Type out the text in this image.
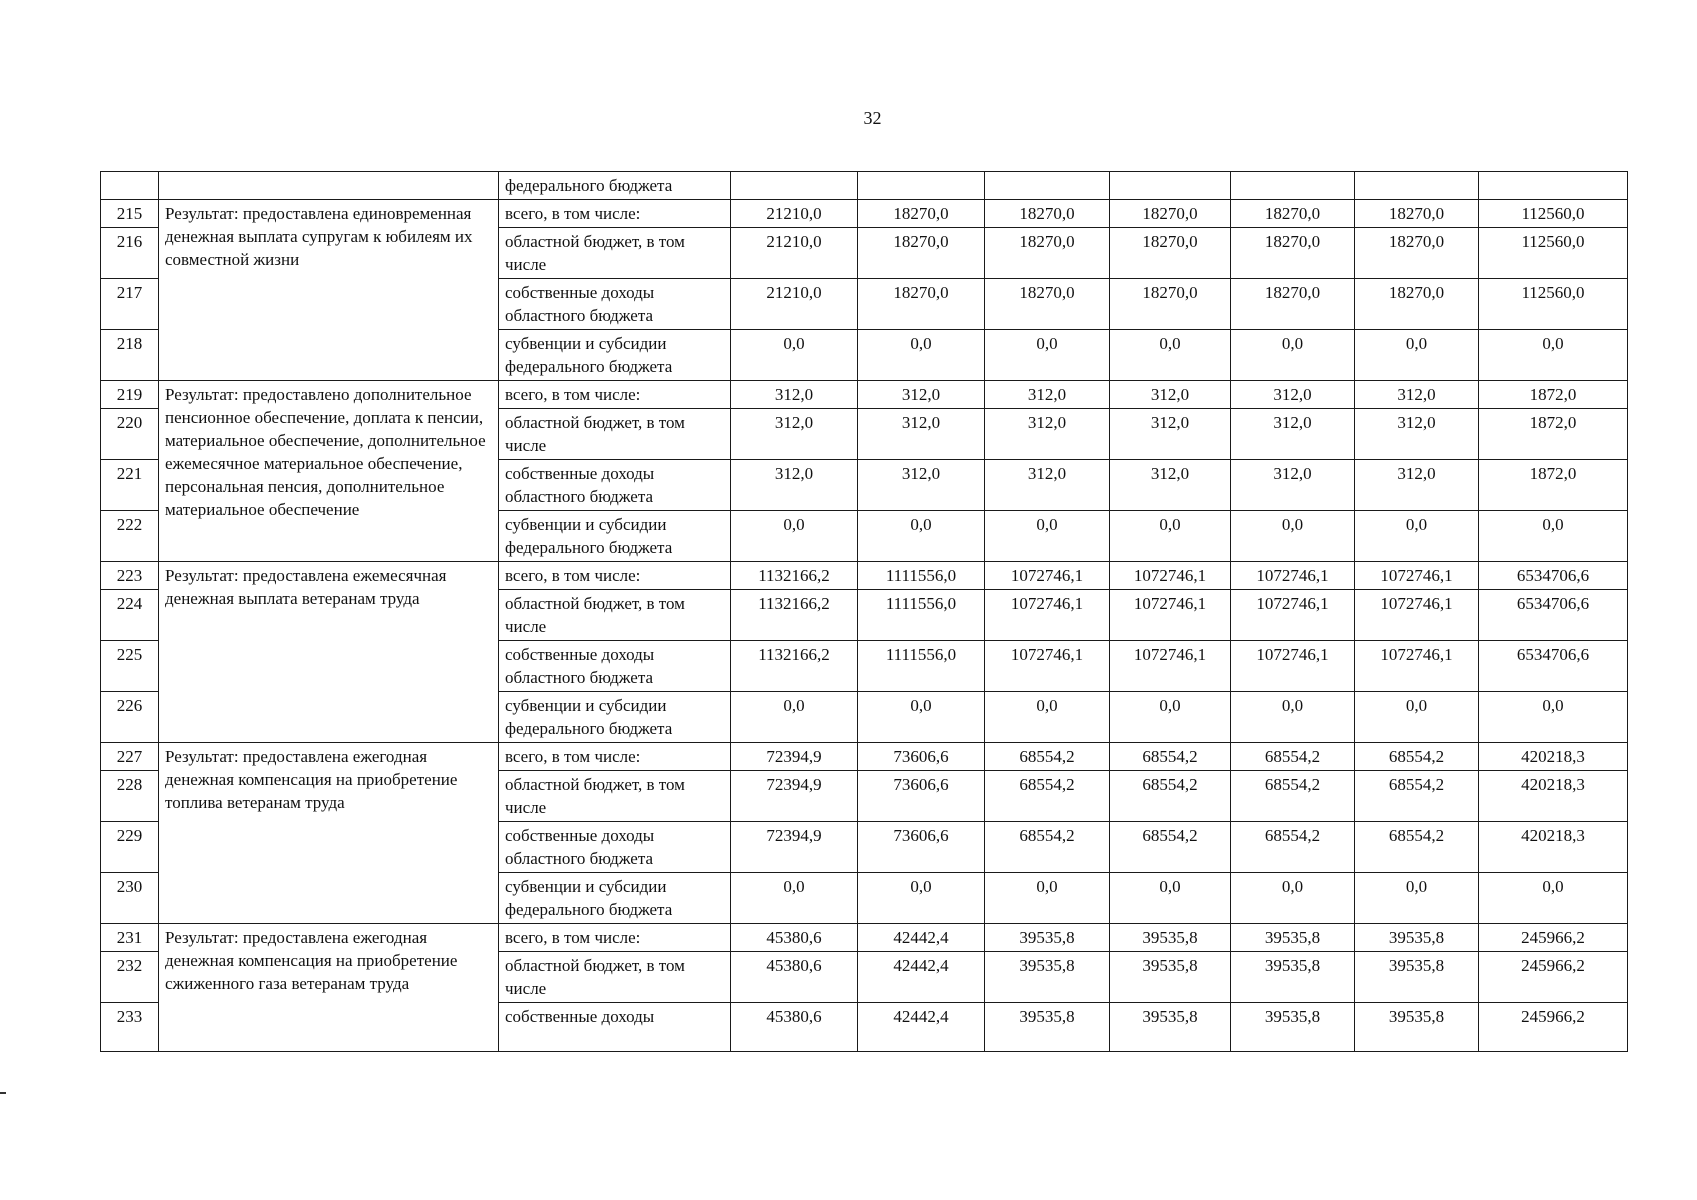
32
		федерального бюджета							
215	Результат: предоставлена единовременная денежная выплата супругам к юбилеям их совместной жизни	всего, в том числе:	21210,0	18270,0	18270,0	18270,0	18270,0	18270,0	112560,0
216		областной бюджет, в том числе	21210,0	18270,0	18270,0	18270,0	18270,0	18270,0	112560,0
217		собственные доходы областного бюджета	21210,0	18270,0	18270,0	18270,0	18270,0	18270,0	112560,0
218		субвенции и субсидии федерального бюджета	0,0	0,0	0,0	0,0	0,0	0,0	0,0
219	Результат: предоставлено дополнительное пенсионное обеспечение, доплата к пенсии, материальное обеспечение, дополнительное ежемесячное материальное обеспечение, персональная пенсия, дополнительное материальное обеспечение	всего, в том числе:	312,0	312,0	312,0	312,0	312,0	312,0	1872,0
220		областной бюджет, в том числе	312,0	312,0	312,0	312,0	312,0	312,0	1872,0
221		собственные доходы областного бюджета	312,0	312,0	312,0	312,0	312,0	312,0	1872,0
222		субвенции и субсидии федерального бюджета	0,0	0,0	0,0	0,0	0,0	0,0	0,0
223	Результат: предоставлена ежемесячная денежная выплата ветеранам труда	всего, в том числе:	1132166,2	1111556,0	1072746,1	1072746,1	1072746,1	1072746,1	6534706,6
224		областной бюджет, в том числе	1132166,2	1111556,0	1072746,1	1072746,1	1072746,1	1072746,1	6534706,6
225		собственные доходы областного бюджета	1132166,2	1111556,0	1072746,1	1072746,1	1072746,1	1072746,1	6534706,6
226		субвенции и субсидии федерального бюджета	0,0	0,0	0,0	0,0	0,0	0,0	0,0
227	Результат: предоставлена ежегодная денежная компенсация на приобретение топлива ветеранам труда	всего, в том числе:	72394,9	73606,6	68554,2	68554,2	68554,2	68554,2	420218,3
228		областной бюджет, в том числе	72394,9	73606,6	68554,2	68554,2	68554,2	68554,2	420218,3
229		собственные доходы областного бюджета	72394,9	73606,6	68554,2	68554,2	68554,2	68554,2	420218,3
230		субвенции и субсидии федерального бюджета	0,0	0,0	0,0	0,0	0,0	0,0	0,0
231	Результат: предоставлена ежегодная денежная компенсация на приобретение сжиженного газа ветеранам труда	всего, в том числе:	45380,6	42442,4	39535,8	39535,8	39535,8	39535,8	245966,2
232		областной бюджет, в том числе	45380,6	42442,4	39535,8	39535,8	39535,8	39535,8	245966,2
233		собственные доходы	45380,6	42442,4	39535,8	39535,8	39535,8	39535,8	245966,2
